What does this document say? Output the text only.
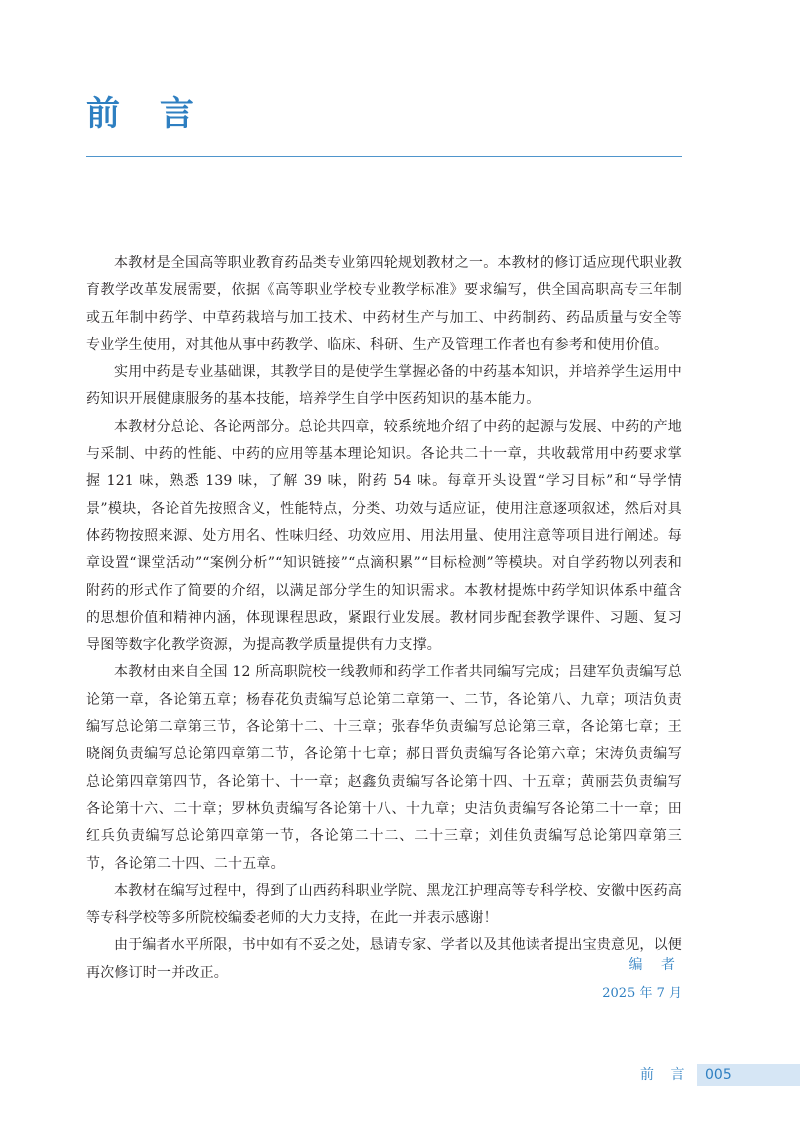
前 言

本教材是全国高等职业教育药品类专业第四轮规划教材之一。本教材的修订适应现代职业教育教学改革发展需要，依据《高等职业学校专业教学标准》要求编写，供全国高职高专三年制或五年制中药学、中草药栽培与加工技术、中药材生产与加工、中药制药、药品质量与安全等专业学生使用，对其他从事中药教学、临床、科研、生产及管理工作者也有参考和使用价值。

实用中药是专业基础课，其教学目的是使学生掌握必备的中药基本知识，并培养学生运用中药知识开展健康服务的基本技能，培养学生自学中医药知识的基本能力。

本教材分总论、各论两部分。总论共四章，较系统地介绍了中药的起源与发展、中药的产地与采制、中药的性能、中药的应用等基本理论知识。各论共二十一章，共收载常用中药要求掌握 121 味，熟悉 139 味，了解 39 味，附药 54 味。每章开头设置“学习目标”和“导学情景”模块，各论首先按照含义，性能特点，分类、功效与适应证，使用注意逐项叙述，然后对具体药物按照来源、处方用名、性味归经、功效应用、用法用量、使用注意等项目进行阐述。每章设置“课堂活动”“案例分析”“知识链接”“点滴积累”“目标检测”等模块。对自学药物以列表和附药的形式作了简要的介绍，以满足部分学生的知识需求。本教材提炼中药学知识体系中蕴含的思想价值和精神内涵，体现课程思政，紧跟行业发展。教材同步配套教学课件、习题、复习导图等数字化教学资源，为提高教学质量提供有力支撑。

本教材由来自全国 12 所高职院校一线教师和药学工作者共同编写完成；吕建军负责编写总论第一章，各论第五章；杨春花负责编写总论第二章第一、二节，各论第八、九章；项洁负责编写总论第二章第三节，各论第十二、十三章；张春华负责编写总论第三章，各论第七章；王晓阁负责编写总论第四章第二节，各论第十七章；郝日晋负责编写各论第六章；宋涛负责编写总论第四章第四节，各论第十、十一章；赵鑫负责编写各论第十四、十五章；黄丽芸负责编写各论第十六、二十章；罗林负责编写各论第十八、十九章；史洁负责编写各论第二十一章；田红兵负责编写总论第四章第一节，各论第二十二、二十三章；刘佳负责编写总论第四章第三节，各论第二十四、二十五章。

本教材在编写过程中，得到了山西药科职业学院、黑龙江护理高等专科学校、安徽中医药高等专科学校等多所院校编委老师的大力支持，在此一并表示感谢！

由于编者水平所限，书中如有不妥之处，恳请专家、学者以及其他读者提出宝贵意见，以便再次修订时一并改正。	编 者
2025 年 7 月
前 言 005
